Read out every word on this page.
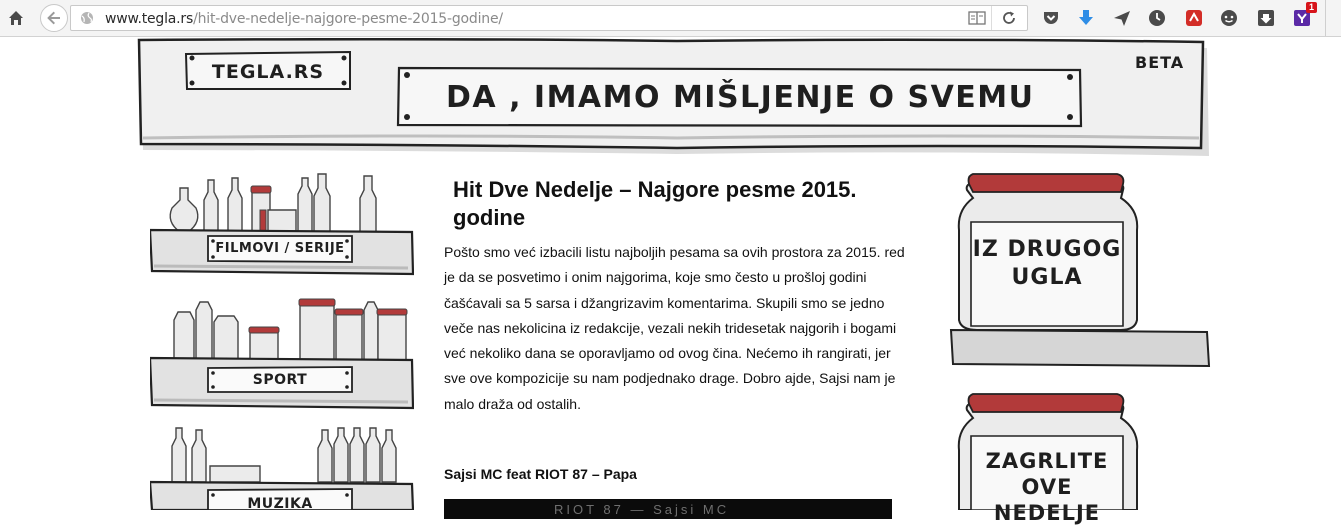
www.tegla.rs/hit-dve-nedelje-najgore-pesme-2015-godine/
1
TEGLA.RS
DA , IMAMO MIŠLJENJE O SVEMU
BETA
FILMOVI / SERIJE
SPORT
MUZIKA
Hit Dve Nedelje – Najgore pesme 2015. godine
Pošto smo već izbacili listu najboljih pesama sa ovih prostora za 2015. red je da se posvetimo i onim najgorima, koje smo često u prošloj godini čašćavali sa 5 sarsa i džangrizavim komentarima. Skupili smo se jedno veče nas nekolicina iz redakcije, vezali nekih tridesetak najgorih i bogami već nekoliko dana se oporavljamo od ovog čina. Nećemo ih rangirati, jer sve ove kompozicije su nam podjednako drage. Dobro ajde, Sajsi nam je malo draža od ostalih.
Sajsi MC feat RIOT 87 – Papa
RIOT 87 — Sajsi MC
IZ DRUGOG
UGLA
ZAGRLITE
OVE
NEDELJE
